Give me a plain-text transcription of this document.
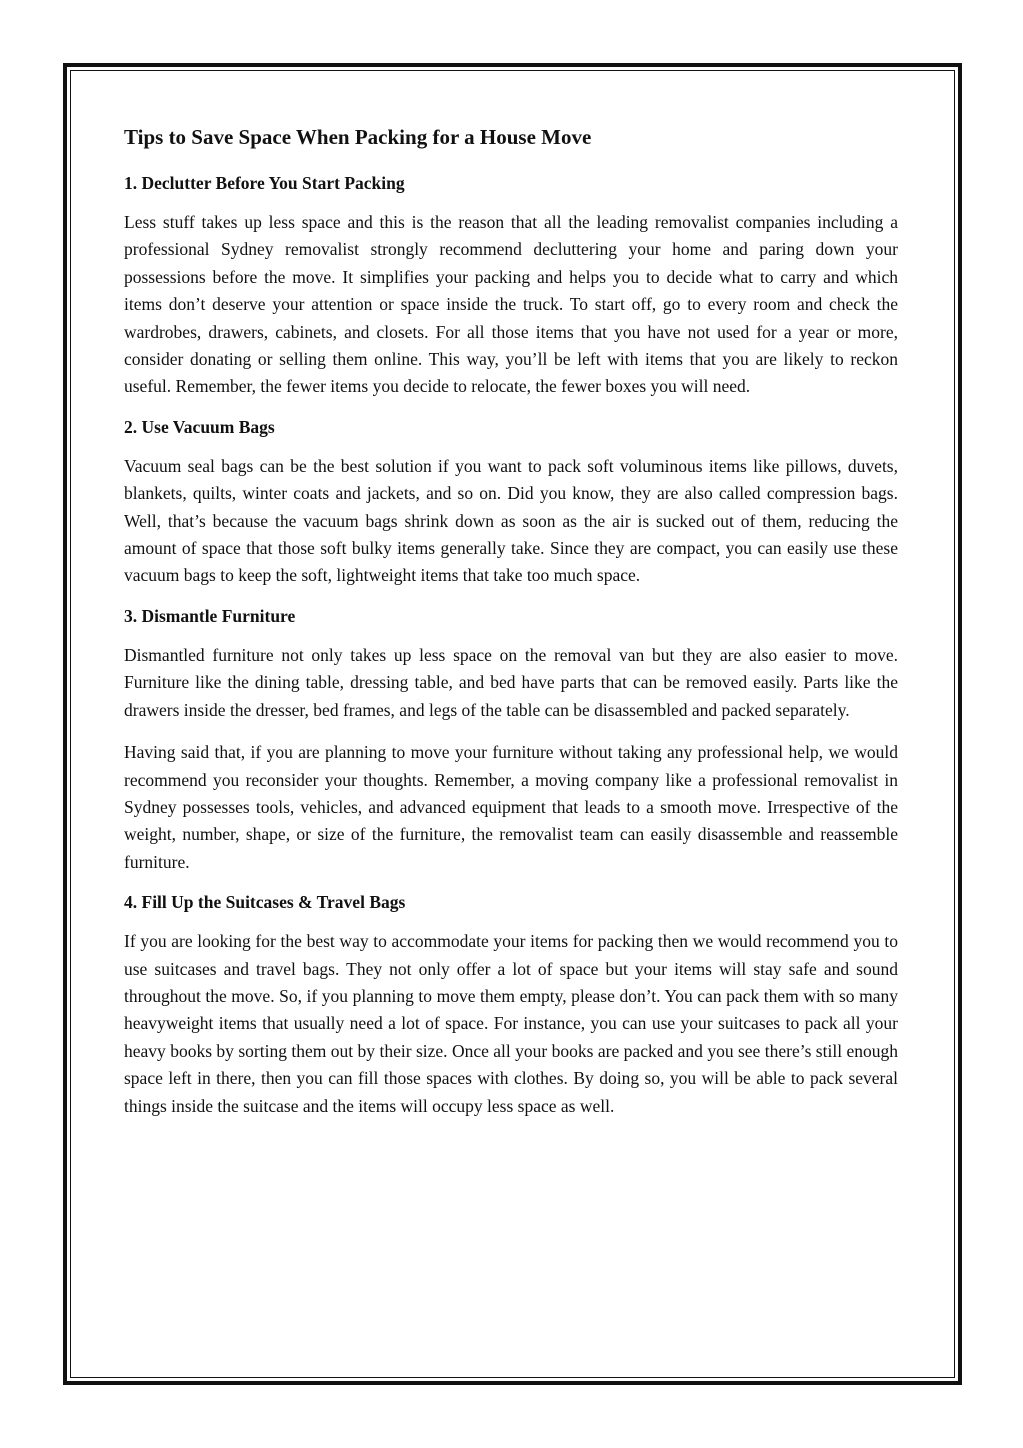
Tips to Save Space When Packing for a House Move
1. Declutter Before You Start Packing

Less stuff takes up less space and this is the reason that all the leading removalist companies including a professional Sydney removalist strongly recommend decluttering your home and paring down your possessions before the move. It simplifies your packing and helps you to decide what to carry and which items don’t deserve your attention or space inside the truck. To start off, go to every room and check the wardrobes, drawers, cabinets, and closets. For all those items that you have not used for a year or more, consider donating or selling them online. This way, you’ll be left with items that you are likely to reckon useful. Remember, the fewer items you decide to relocate, the fewer boxes you will need.

2. Use Vacuum Bags

Vacuum seal bags can be the best solution if you want to pack soft voluminous items like pillows, duvets, blankets, quilts, winter coats and jackets, and so on. Did you know, they are also called compression bags. Well, that’s because the vacuum bags shrink down as soon as the air is sucked out of them, reducing the amount of space that those soft bulky items generally take. Since they are compact, you can easily use these vacuum bags to keep the soft, lightweight items that take too much space.

3. Dismantle Furniture

Dismantled furniture not only takes up less space on the removal van but they are also easier to move. Furniture like the dining table, dressing table, and bed have parts that can be removed easily. Parts like the drawers inside the dresser, bed frames, and legs of the table can be disassembled and packed separately.

Having said that, if you are planning to move your furniture without taking any professional help, we would recommend you reconsider your thoughts. Remember, a moving company like a professional removalist in Sydney possesses tools, vehicles, and advanced equipment that leads to a smooth move. Irrespective of the weight, number, shape, or size of the furniture, the removalist team can easily disassemble and reassemble furniture.

4. Fill Up the Suitcases & Travel Bags

If you are looking for the best way to accommodate your items for packing then we would recommend you to use suitcases and travel bags. They not only offer a lot of space but your items will stay safe and sound throughout the move. So, if you planning to move them empty, please don’t. You can pack them with so many heavyweight items that usually need a lot of space. For instance, you can use your suitcases to pack all your heavy books by sorting them out by their size. Once all your books are packed and you see there’s still enough space left in there, then you can fill those spaces with clothes. By doing so, you will be able to pack several things inside the suitcase and the items will occupy less space as well.
